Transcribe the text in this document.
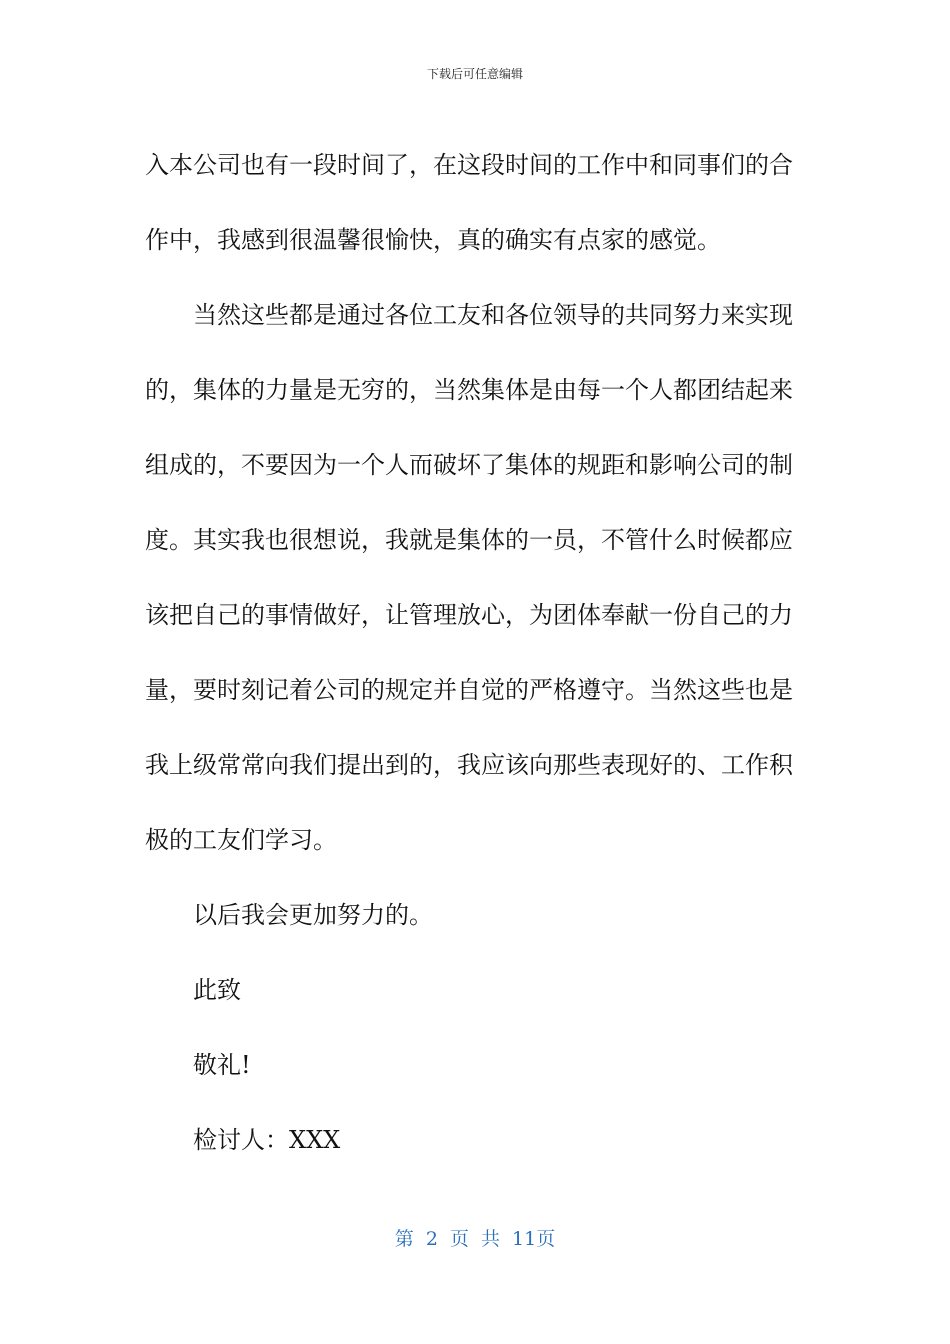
下载后可任意编辑
入本公司也有一段时间了，在这段时间的工作中和同事们的合
作中，我感到很温馨很愉快，真的确实有点家的感觉。
当然这些都是通过各位工友和各位领导的共同努力来实现
的，集体的力量是无穷的，当然集体是由每一个人都团结起来
组成的，不要因为一个人而破坏了集体的规距和影响公司的制
度。其实我也很想说，我就是集体的一员，不管什么时候都应
该把自己的事情做好，让管理放心，为团体奉献一份自己的力
量，要时刻记着公司的规定并自觉的严格遵守。当然这些也是
我上级常常向我们提出到的，我应该向那些表现好的、工作积
极的工友们学习。
以后我会更加努力的。
此致
敬礼!
检讨人：XXX
第 2 页 共 11页
